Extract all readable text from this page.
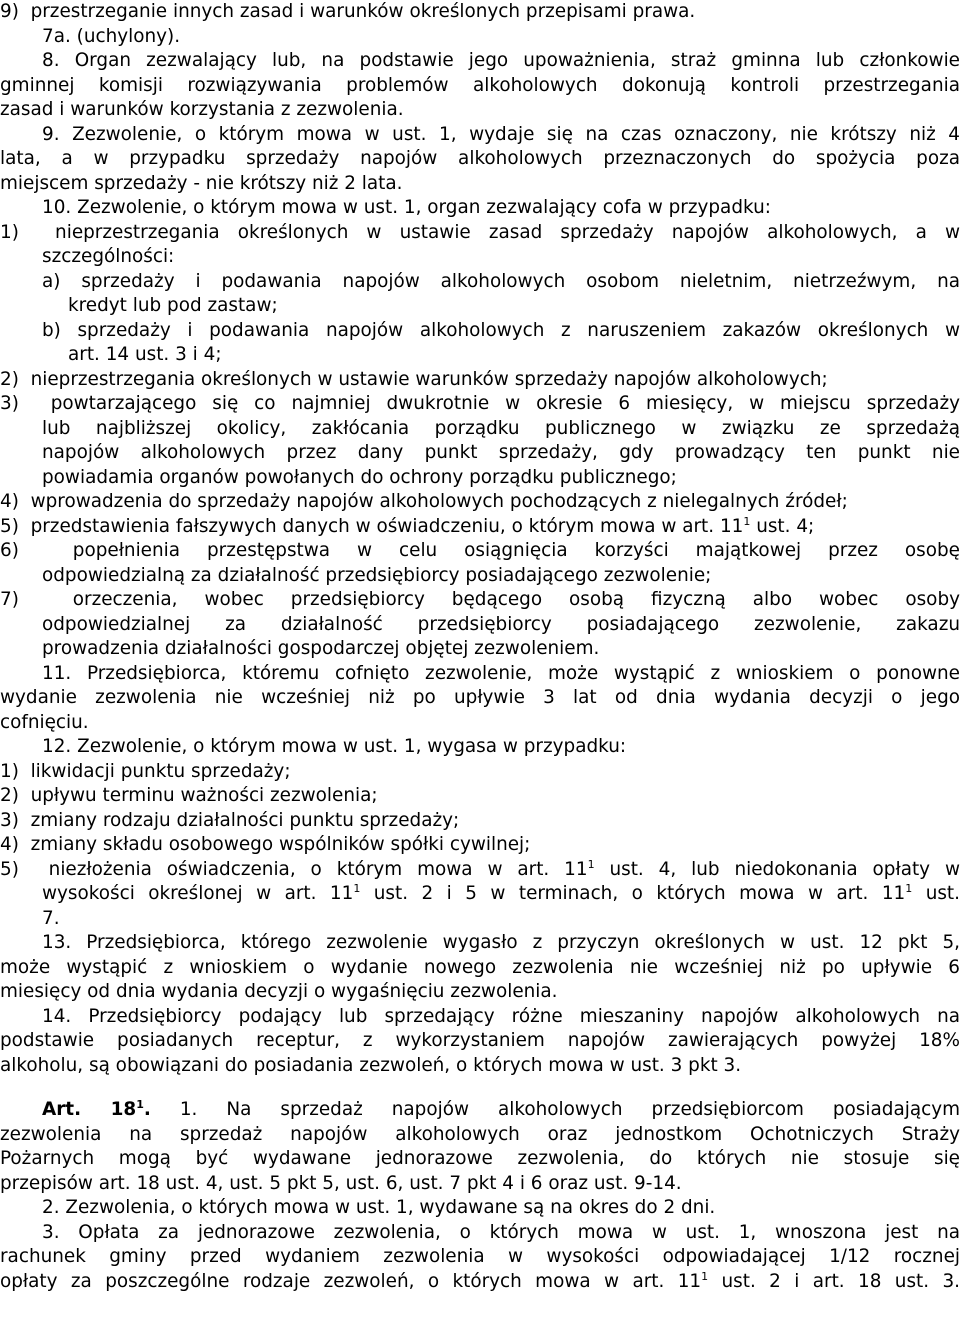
9)  przestrzeganie innych zasad i warunków określonych przepisami prawa.
7a. (uchylony).
8. Organ zezwalający lub, na podstawie jego upoważnienia, straż gminna lub członkowie
gminnej komisji rozwiązywania problemów alkoholowych dokonują kontroli przestrzegania
zasad i warunków korzystania z zezwolenia.
9. Zezwolenie, o którym mowa w ust. 1, wydaje się na czas oznaczony, nie krótszy niż 4
lata, a w przypadku sprzedaży napojów alkoholowych przeznaczonych do spożycia poza
miejscem sprzedaży - nie krótszy niż 2 lata.
10. Zezwolenie, o którym mowa w ust. 1, organ zezwalający cofa w przypadku:
1)  nieprzestrzegania określonych w ustawie zasad sprzedaży napojów alkoholowych, a w
szczególności:
a) sprzedaży i podawania napojów alkoholowych osobom nieletnim, nietrzeźwym, na
kredyt lub pod zastaw;
b) sprzedaży i podawania napojów alkoholowych z naruszeniem zakazów określonych w
art. 14 ust. 3 i 4;
2)  nieprzestrzegania określonych w ustawie warunków sprzedaży napojów alkoholowych;
3)  powtarzającego się co najmniej dwukrotnie w okresie 6 miesięcy, w miejscu sprzedaży
lub najbliższej okolicy, zakłócania porządku publicznego w związku ze sprzedażą
napojów alkoholowych przez dany punkt sprzedaży, gdy prowadzący ten punkt nie
powiadamia organów powołanych do ochrony porządku publicznego;
4)  wprowadzenia do sprzedaży napojów alkoholowych pochodzących z nielegalnych źródeł;
5)  przedstawienia fałszywych danych w oświadczeniu, o którym mowa w art. $11^1$ ust. 4;
6)  popełnienia przestępstwa w celu osiągnięcia korzyści majątkowej przez osobę
odpowiedzialną za działalność przedsiębiorcy posiadającego zezwolenie;
7)  orzeczenia, wobec przedsiębiorcy będącego osobą fizyczną albo wobec osoby
odpowiedzialnej za działalność przedsiębiorcy posiadającego zezwolenie, zakazu
prowadzenia działalności gospodarczej objętej zezwoleniem.
11. Przedsiębiorca, któremu cofnięto zezwolenie, może wystąpić z wnioskiem o ponowne
wydanie zezwolenia nie wcześniej niż po upływie 3 lat od dnia wydania decyzji o jego
cofnięciu.
12. Zezwolenie, o którym mowa w ust. 1, wygasa w przypadku:
1)  likwidacji punktu sprzedaży;
2)  upływu terminu ważności zezwolenia;
3)  zmiany rodzaju działalności punktu sprzedaży;
4)  zmiany składu osobowego wspólników spółki cywilnej;
5)  niezłożenia oświadczenia, o którym mowa w art. $11^1$ ust. 4, lub niedokonania opłaty w
wysokości określonej w art. $11^1$ ust. 2 i 5 w terminach, o których mowa w art. $11^1$ ust.
7.
13. Przedsiębiorca, którego zezwolenie wygasło z przyczyn określonych w ust. 12 pkt 5,
może wystąpić z wnioskiem o wydanie nowego zezwolenia nie wcześniej niż po upływie 6
miesięcy od dnia wydania decyzji o wygaśnięciu zezwolenia.
14. Przedsiębiorcy podający lub sprzedający różne mieszaniny napojów alkoholowych na
podstawie posiadanych receptur, z wykorzystaniem napojów zawierających powyżej 18%
alkoholu, są obowiązani do posiadania zezwoleń, o których mowa w ust. 3 pkt 3.
Art. $18^1$. 1. Na sprzedaż napojów alkoholowych przedsiębiorcom posiadającym
zezwolenia na sprzedaż napojów alkoholowych oraz jednostkom Ochotniczych Straży
Pożarnych mogą być wydawane jednorazowe zezwolenia, do których nie stosuje się
przepisów art. 18 ust. 4, ust. 5 pkt 5, ust. 6, ust. 7 pkt 4 i 6 oraz ust. 9-14.
2. Zezwolenia, o których mowa w ust. 1, wydawane są na okres do 2 dni.
3. Opłata za jednorazowe zezwolenia, o których mowa w ust. 1, wnoszona jest na
rachunek gminy przed wydaniem zezwolenia w wysokości odpowiadającej 1/12 rocznej
opłaty za poszczególne rodzaje zezwoleń, o których mowa w art. $11^1$ ust. 2 i art. 18 ust. 3.
